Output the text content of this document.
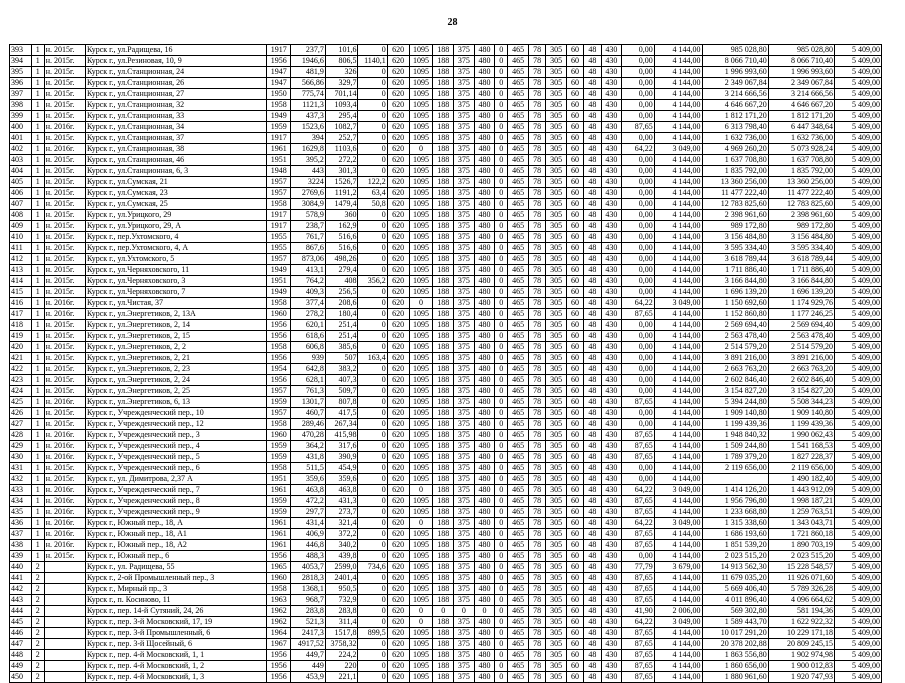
28
393	1	н. 2015г.	Курск г., ул.Радищева, 16	1917	237,7	101,6	0	620	1095	188	375	480	0	465	78	305	60	48	430	0,00	4 144,00	985 028,80	985 028,80	5 409,00
394	1	н. 2015г.	Курск г., ул.Резиновая, 10, 9	1956	1946,6	806,5	1140,1	620	1095	188	375	480	0	465	78	305	60	48	430	0,00	4 144,00	8 066 710,40	8 066 710,40	5 409,00
395	1	н. 2015г.	Курск г., ул.Станционная, 24	1947	481,9	326	0	620	1095	188	375	480	0	465	78	305	60	48	430	0,00	4 144,00	1 996 993,60	1 996 993,60	5 409,00
396	1	н. 2015г.	Курск г., ул.Станционная, 26	1947	566,86	329,7	0	620	1095	188	375	480	0	465	78	305	60	48	430	0,00	4 144,00	2 349 067,84	2 349 067,84	5 409,00
397	1	н. 2015г.	Курск г., ул.Станционная, 27	1950	775,74	701,14	0	620	1095	188	375	480	0	465	78	305	60	48	430	0,00	4 144,00	3 214 666,56	3 214 666,56	5 409,00
398	1	н. 2015г.	Курск г., ул.Станционная, 32	1958	1121,3	1093,4	0	620	1095	188	375	480	0	465	78	305	60	48	430	0,00	4 144,00	4 646 667,20	4 646 667,20	5 409,00
399	1	н. 2015г.	Курск г., ул.Станционная, 33	1949	437,3	295,4	0	620	1095	188	375	480	0	465	78	305	60	48	430	0,00	4 144,00	1 812 171,20	1 812 171,20	5 409,00
400	1	н. 2016г.	Курск г., ул.Станционная, 34	1959	1523,6	1082,7	0	620	1095	188	375	480	0	465	78	305	60	48	430	87,65	4 144,00	6 313 798,40	6 447 348,64	5 409,00
401	1	н. 2015г.	Курск г., ул.Станционная, 37	1917	394	252,7	0	620	1095	188	375	480	0	465	78	305	60	48	430	0,00	4 144,00	1 632 736,00	1 632 736,00	5 409,00
402	1	н. 2016г.	Курск г., ул.Станционная, 38	1961	1629,8	1103,6	0	620	0	188	375	480	0	465	78	305	60	48	430	64,22	3 049,00	4 969 260,20	5 073 928,24	5 409,00
403	1	н. 2015г.	Курск г., ул.Станционная, 46	1951	395,2	272,2	0	620	1095	188	375	480	0	465	78	305	60	48	430	0,00	4 144,00	1 637 708,80	1 637 708,80	5 409,00
404	1	н. 2015г.	Курск г., ул.Станционная, 6, 3	1948	443	301,3	0	620	1095	188	375	480	0	465	78	305	60	48	430	0,00	4 144,00	1 835 792,00	1 835 792,00	5 409,00
405	1	н. 2015г.	Курск г., ул.Сумская, 21	1957	3224	1526,7	122,2	620	1095	188	375	480	0	465	78	305	60	48	430	0,00	4 144,00	13 360 256,00	13 360 256,00	5 409,00
406	1	н. 2015г.	Курск г., ул.Сумская, 23	1957	2769,6	1191,2	63,4	620	1095	188	375	480	0	465	78	305	60	48	430	0,00	4 144,00	11 477 222,40	11 477 222,40	5 409,00
407	1	н. 2015г.	Курск г., ул.Сумская, 25	1958	3084,9	1479,4	50,8	620	1095	188	375	480	0	465	78	305	60	48	430	0,00	4 144,00	12 783 825,60	12 783 825,60	5 409,00
408	1	н. 2015г.	Курск г., ул.Урицкого, 29	1917	578,9	360	0	620	1095	188	375	480	0	465	78	305	60	48	430	0,00	4 144,00	2 398 961,60	2 398 961,60	5 409,00
409	1	н. 2015г.	Курск г., ул.Урицкого, 29, А	1917	238,7	162,9	0	620	1095	188	375	480	0	465	78	305	60	48	430	0,00	4 144,00	989 172,80	989 172,80	5 409,00
410	1	н. 2015г.	Курск г., пер.Ухтомского, 4	1955	761,7	516,6	0	620	1095	188	375	480	0	465	78	305	60	48	430	0,00	4 144,00	3 156 484,80	3 156 484,80	5 409,00
411	1	н. 2015г.	Курск г., пер.Ухтомского, 4, А	1955	867,6	516,6	0	620	1095	188	375	480	0	465	78	305	60	48	430	0,00	4 144,00	3 595 334,40	3 595 334,40	5 409,00
412	1	н. 2015г.	Курск г., ул.Ухтомского, 5	1957	873,06	498,26	0	620	1095	188	375	480	0	465	78	305	60	48	430	0,00	4 144,00	3 618 789,44	3 618 789,44	5 409,00
413	1	н. 2015г.	Курск г., ул.Черняховского, 11	1949	413,1	279,4	0	620	1095	188	375	480	0	465	78	305	60	48	430	0,00	4 144,00	1 711 886,40	1 711 886,40	5 409,00
414	1	н. 2015г.	Курск г., ул.Черняховского, 3	1951	764,2	408	356,2	620	1095	188	375	480	0	465	78	305	60	48	430	0,00	4 144,00	3 166 844,80	3 166 844,80	5 409,00
415	1	н. 2015г.	Курск г., ул.Черняховского, 7	1949	409,3	256,5	0	620	1095	188	375	480	0	465	78	305	60	48	430	0,00	4 144,00	1 696 139,20	1 696 139,20	5 409,00
416	1	н. 2016г.	Курск г., ул.Чистая, 37	1958	377,4	208,6	0	620	0	188	375	480	0	465	78	305	60	48	430	64,22	3 049,00	1 150 692,60	1 174 929,76	5 409,00
417	1	н. 2016г.	Курск г., ул.Энергетиков, 2, 13А	1960	278,2	180,4	0	620	1095	188	375	480	0	465	78	305	60	48	430	87,65	4 144,00	1 152 860,80	1 177 246,25	5 409,00
418	1	н. 2015г.	Курск г., ул.Энергетиков, 2, 14	1956	620,1	251,4	0	620	1095	188	375	480	0	465	78	305	60	48	430	0,00	4 144,00	2 569 694,40	2 569 694,40	5 409,00
419	1	н. 2015г.	Курск г., ул.Энергетиков, 2, 15	1956	618,6	251,4	0	620	1095	188	375	480	0	465	78	305	60	48	430	0,00	4 144,00	2 563 478,40	2 563 478,40	5 409,00
420	1	н. 2015г.	Курск г., ул.Энергетиков, 2, 2	1958	606,8	385,6	0	620	1095	188	375	480	0	465	78	305	60	48	430	0,00	4 144,00	2 514 579,20	2 514 579,20	5 409,00
421	1	н. 2015г.	Курск г., ул.Энергетиков, 2, 21	1956	939	507	163,4	620	1095	188	375	480	0	465	78	305	60	48	430	0,00	4 144,00	3 891 216,00	3 891 216,00	5 409,00
422	1	н. 2015г.	Курск г., ул.Энергетиков, 2, 23	1954	642,8	383,2	0	620	1095	188	375	480	0	465	78	305	60	48	430	0,00	4 144,00	2 663 763,20	2 663 763,20	5 409,00
423	1	н. 2015г.	Курск г., ул.Энергетиков, 2, 24	1956	628,1	407,3	0	620	1095	188	375	480	0	465	78	305	60	48	430	0,00	4 144,00	2 602 846,40	2 602 846,40	5 409,00
424	1	н. 2015г.	Курск г., ул.Энергетиков, 2, 25	1957	761,3	509,7	0	620	1095	188	375	480	0	465	78	305	60	48	430	0,00	4 144,00	3 154 827,20	3 154 827,20	5 409,00
425	1	н. 2016г.	Курск г., ул.Энергетиков, 6, 13	1959	1301,7	807,8	0	620	1095	188	375	480	0	465	78	305	60	48	430	87,65	4 144,00	5 394 244,80	5 508 344,23	5 409,00
426	1	н. 2015г.	Курск г., Учрежденческий пер., 10	1957	460,7	417,5	0	620	1095	188	375	480	0	465	78	305	60	48	430	0,00	4 144,00	1 909 140,80	1 909 140,80	5 409,00
427	1	н. 2015г.	Курск г., Учрежденческий пер., 12	1958	289,46	267,34	0	620	1095	188	375	480	0	465	78	305	60	48	430	0,00	4 144,00	1 199 439,36	1 199 439,36	5 409,00
428	1	н. 2016г.	Курск г., Учрежденческий пер., 3	1960	470,28	415,98	0	620	1095	188	375	480	0	465	78	305	60	48	430	87,65	4 144,00	1 948 840,32	1 990 062,43	5 409,00
429	1	н. 2016г.	Курск г., Учрежденческий пер., 4	1959	364,2	317,6	0	620	1095	188	375	480	0	465	78	305	60	48	430	87,65	4 144,00	1 509 244,80	1 541 168,53	5 409,00
430	1	н. 2016г.	Курск г., Учрежденческий пер., 5	1959	431,8	390,9	0	620	1095	188	375	480	0	465	78	305	60	48	430	87,65	4 144,00	1 789 379,20	1 827 228,37	5 409,00
431	1	н. 2015г.	Курск г., Учрежденческий пер., 6	1958	511,5	454,9	0	620	1095	188	375	480	0	465	78	305	60	48	430	0,00	4 144,00	2 119 656,00	2 119 656,00	5 409,00
432	1	н. 2015г.	Курск г., ул. Димитрова, 2,37 А	1951	359,6	359,6	0	620	1095	188	375	480	0	465	78	305	60	48	430	0,00	4 144,00		1 490 182,40	5 409,00
433	1	н. 2016г.	Курск г., Учрежденческий пер., 7	1961	463,8	463,8	0	620	0	188	375	480	0	465	78	305	60	48	430	64,22	3 049,00	1 414 126,20	1 443 912,09	5 409,00
434	1	н. 2016г.	Курск г., Учрежденческий пер., 8	1959	472,2	431,3	0	620	1095	188	375	480	0	465	78	305	60	48	430	87,65	4 144,00	1 956 796,80	1 998 187,21	5 409,00
435	1	н. 2016г.	Курск г., Учрежденческий пер., 9	1959	297,7	273,7	0	620	1095	188	375	480	0	465	78	305	60	48	430	87,65	4 144,00	1 233 668,80	1 259 763,51	5 409,00
436	1	н. 2016г.	Курск г., Южный пер., 18, А	1961	431,4	321,4	0	620	0	188	375	480	0	465	78	305	60	48	430	64,22	3 049,00	1 315 338,60	1 343 043,71	5 409,00
437	1	н. 2016г.	Курск г., Южный пер., 18, А1	1961	406,9	372,2	0	620	1095	188	375	480	0	465	78	305	60	48	430	87,65	4 144,00	1 686 193,60	1 721 860,18	5 409,00
438	1	н. 2016г.	Курск г., Южный пер., 18, А2	1961	446,8	340,2	0	620	1095	188	375	480	0	465	78	305	60	48	430	87,65	4 144,00	1 851 539,20	1 890 703,19	5 409,00
439	1	н. 2015г.	Курск г., Южный пер., 6	1956	488,3	439,8	0	620	1095	188	375	480	0	465	78	305	60	48	430	0,00	4 144,00	2 023 515,20	2 023 515,20	5 409,00
440	2		Курск г., ул. Радищева, 55	1965	4053,7	2599,0	734,6	620	1095	188	375	480	0	465	78	305	60	48	430	77,79	3 679,00	14 913 562,30	15 228 548,57	5 409,00
441	2		Курск г., 2-ой Промышленный пер., 3	1960	2818,3	2401,4	0	620	1095	188	375	480	0	465	78	305	60	48	430	87,65	4 144,00	11 679 035,20	11 926 071,60	5 409,00
442	2		Курск г., Мирный пр., 3	1958	1368,1	950,5	0	620	1095	188	375	480	0	465	78	305	60	48	430	87,65	4 144,00	5 669 406,40	5 789 326,28	5 409,00
443	2		Курск г., п. Косиново, 11	1963	968,7	732,9	0	620	1095	188	375	480	0	465	78	305	60	48	430	87,65	4 144,00	4 011 896,40	4 096 664,62	5 409,00
444	2		Курск г., пер. 14-й Сутяний, 24, 26	1962	283,8	283,8	0	620	0	0	0	0	0	465	78	305	60	48	430	41,90	2 006,00	569 302,80	581 194,36	5 409,00
445	2		Курск г., пер. 3-й Московский, 17, 19	1962	521,3	311,4	0	620	0	188	375	480	0	465	78	305	60	48	430	64,22	3 049,00	1 589 443,70	1 622 922,32	5 409,00
446	2		Курск г., пер. 3-й Промышленный, 6	1964	2417,3	1517,8	899,5	620	1095	188	375	480	0	465	78	305	60	48	430	87,65	4 144,00	10 017 291,20	10 229 171,18	5 409,00
447	2		Курск г., пер. 3-й Щосейный, 6	1967	4917,52	3758,32	0	620	1095	188	375	480	0	465	78	305	60	48	430	87,65	4 144,00	20 378 202,88	20 809 245,15	5 409,00
448	2		Курск г., пер. 4-й Московский, 1, 1	1956	449,7	224,2	0	620	1095	188	375	480	0	465	78	305	60	48	430	87,65	4 144,00	1 863 556,80	1 902 974,98	5 409,00
449	2		Курск г., пер. 4-й Московский, 1, 2	1956	449	220	0	620	1095	188	375	480	0	465	78	305	60	48	430	87,65	4 144,00	1 860 656,00	1 900 012,83	5 409,00
450	2		Курск г., пер. 4-й Московский, 1, 3	1956	453,9	221,1	0	620	1095	188	375	480	0	465	78	305	60	48	430	87,65	4 144,00	1 880 961,60	1 920 747,93	5 409,00
